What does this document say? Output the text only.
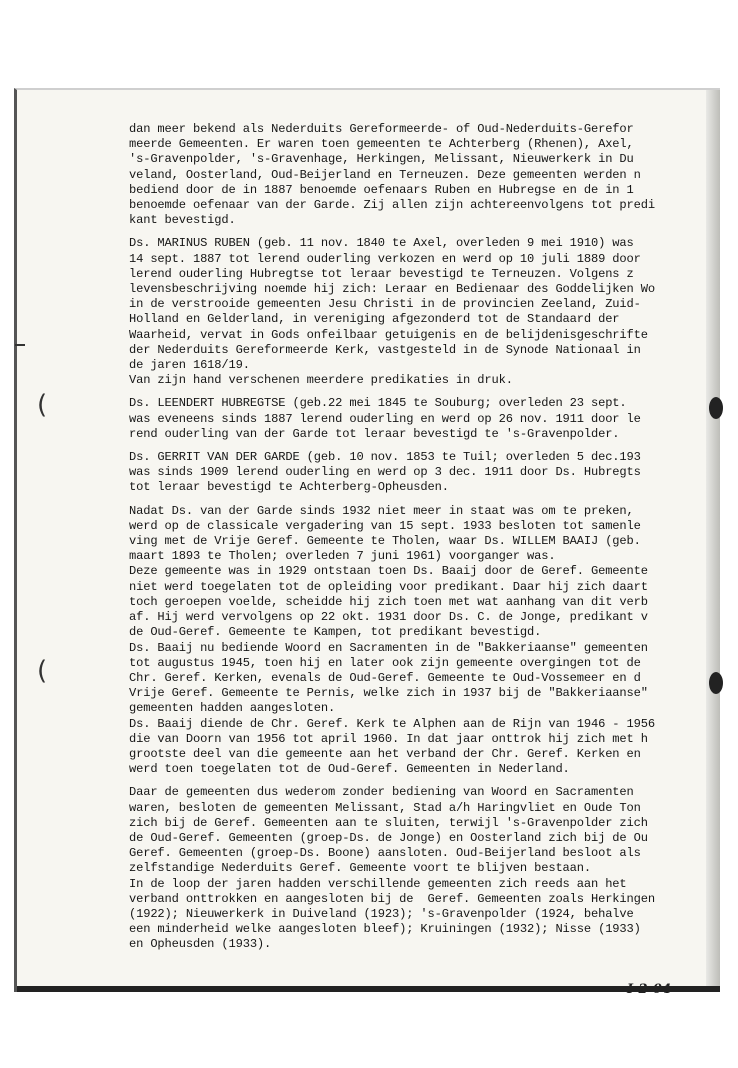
(
(
dan meer bekend als Nederduits Gereformeerde- of Oud-Nederduits-Gerefor
meerde Gemeenten. Er waren toen gemeenten te Achterberg (Rhenen), Axel,
's-Gravenpolder, 's-Gravenhage, Herkingen, Melissant, Nieuwerkerk in Du
veland, Oosterland, Oud-Beijerland en Terneuzen. Deze gemeenten werden n
bediend door de in 1887 benoemde oefenaars Ruben en Hubregse en de in 1
benoemde oefenaar van der Garde. Zij allen zijn achtereenvolgens tot predi
kant bevestigd.
Ds. MARINUS RUBEN (geb. 11 nov. 1840 te Axel, overleden 9 mei 1910) was
14 sept. 1887 tot lerend ouderling verkozen en werd op 10 juli 1889 door
lerend ouderling Hubregtse tot leraar bevestigd te Terneuzen. Volgens z
levensbeschrijving noemde hij zich: Leraar en Bedienaar des Goddelijken Wo
in de verstrooide gemeenten Jesu Christi in de provincien Zeeland, Zuid-
Holland en Gelderland, in vereniging afgezonderd tot de Standaard der
Waarheid, vervat in Gods onfeilbaar getuigenis en de belijdenisgeschrifte
der Nederduits Gereformeerde Kerk, vastgesteld in de Synode Nationaal in
de jaren 1618/19.
Van zijn hand verschenen meerdere predikaties in druk.
Ds. LEENDERT HUBREGTSE (geb.22 mei 1845 te Souburg; overleden 23 sept.
was eveneens sinds 1887 lerend ouderling en werd op 26 nov. 1911 door le
rend ouderling van der Garde tot leraar bevestigd te 's-Gravenpolder.
Ds. GERRIT VAN DER GARDE (geb. 10 nov. 1853 te Tuil; overleden 5 dec.193
was sinds 1909 lerend ouderling en werd op 3 dec. 1911 door Ds. Hubregts
tot leraar bevestigd te Achterberg-Opheusden.
Nadat Ds. van der Garde sinds 1932 niet meer in staat was om te preken,
werd op de classicale vergadering van 15 sept. 1933 besloten tot samenle
ving met de Vrije Geref. Gemeente te Tholen, waar Ds. WILLEM BAAIJ (geb.
maart 1893 te Tholen; overleden 7 juni 1961) voorganger was.
Deze gemeente was in 1929 ontstaan toen Ds. Baaij door de Geref. Gemeente
niet werd toegelaten tot de opleiding voor predikant. Daar hij zich daart
toch geroepen voelde, scheidde hij zich toen met wat aanhang van dit verb
af. Hij werd vervolgens op 22 okt. 1931 door Ds. C. de Jonge, predikant v
de Oud-Geref. Gemeente te Kampen, tot predikant bevestigd.
Ds. Baaij nu bediende Woord en Sacramenten in de "Bakkeriaanse" gemeenten
tot augustus 1945, toen hij en later ook zijn gemeente overgingen tot de
Chr. Geref. Kerken, evenals de Oud-Geref. Gemeente te Oud-Vossemeer en d
Vrije Geref. Gemeente te Pernis, welke zich in 1937 bij de "Bakkeriaanse"
gemeenten hadden aangesloten.
Ds. Baaij diende de Chr. Geref. Kerk te Alphen aan de Rijn van 1946 - 1956
die van Doorn van 1956 tot april 1960. In dat jaar onttrok hij zich met h
grootste deel van die gemeente aan het verband der Chr. Geref. Kerken en
werd toen toegelaten tot de Oud-Geref. Gemeenten in Nederland.
Daar de gemeenten dus wederom zonder bediening van Woord en Sacramenten
waren, besloten de gemeenten Melissant, Stad a/h Haringvliet en Oude Ton
zich bij de Geref. Gemeenten aan te sluiten, terwijl 's-Gravenpolder zich
de Oud-Geref. Gemeenten (groep-Ds. de Jonge) en Oosterland zich bij de Ou
Geref. Gemeenten (groep-Ds. Boone) aansloten. Oud-Beijerland besloot als
zelfstandige Nederduits Geref. Gemeente voort te blijven bestaan.
In de loop der jaren hadden verschillende gemeenten zich reeds aan het
verband onttrokken en aangesloten bij de  Geref. Gemeenten zoals Herkingen
(1922); Nieuwerkerk in Duiveland (1923); 's-Gravenpolder (1924, behalve
een minderheid welke aangesloten bleef); Kruiningen (1932); Nisse (1933)
en Opheusden (1933).
I-2-04
